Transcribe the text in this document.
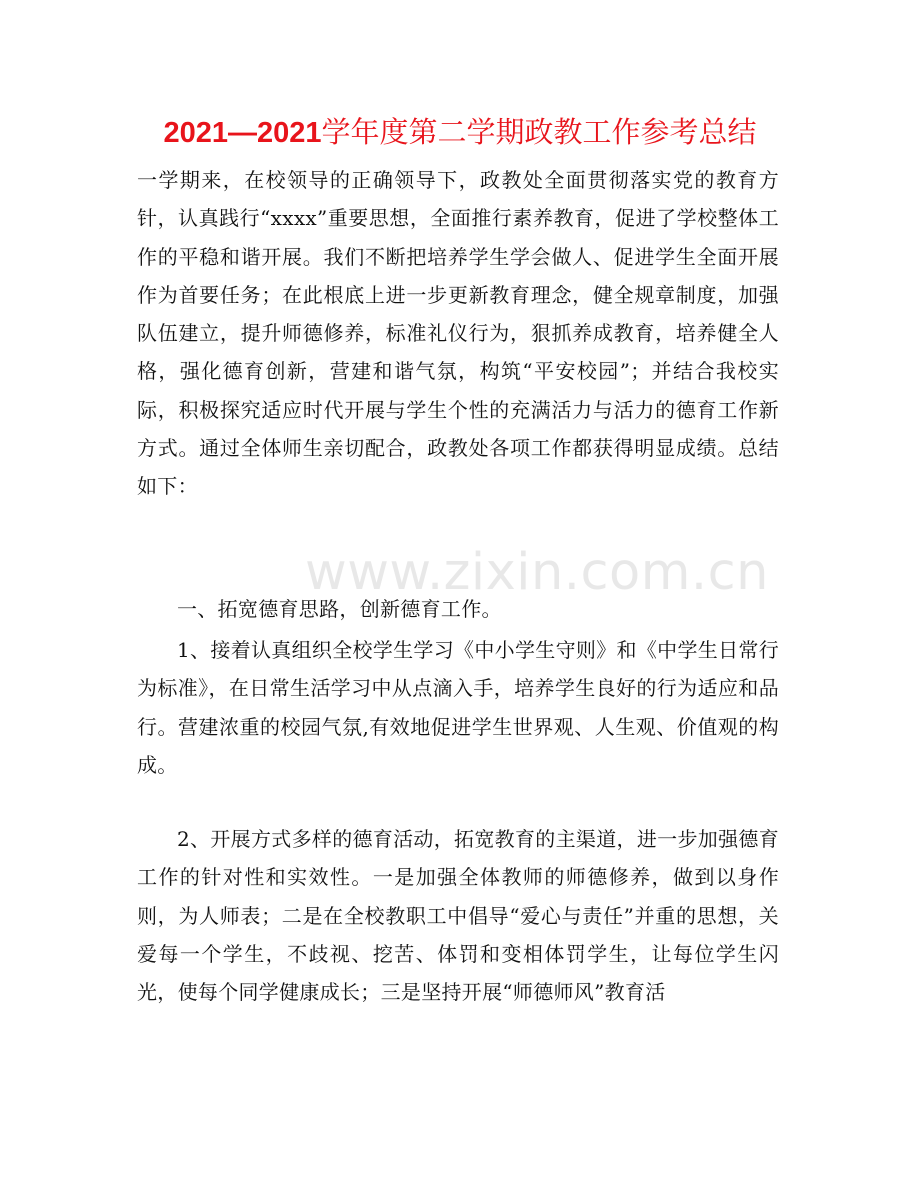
2021—2021学年度第二学期政教工作参考总结
www.zixin.com.cn
一学期来，在校领导的正确领导下，政教处全面贯彻落实党的教育方针，认真践行“xxxx”重要思想，全面推行素养教育，促进了学校整体工作的平稳和谐开展。我们不断把培养学生学会做人、促进学生全面开展作为首要任务；在此根底上进一步更新教育理念，健全规章制度，加强队伍建立，提升师德修养，标准礼仪行为，狠抓养成教育，培养健全人格，强化德育创新，营建和谐气氛，构筑“平安校园”；并结合我校实际，积极探究适应时代开展与学生个性的充满活力与活力的德育工作新方式。通过全体师生亲切配合，政教处各项工作都获得明显成绩。总结如下：
一、拓宽德育思路，创新德育工作。
1、接着认真组织全校学生学习《中小学生守则》和《中学生日常行为标准》，在日常生活学习中从点滴入手，培养学生良好的行为适应和品行。营建浓重的校园气氛,有效地促进学生世界观、人生观、价值观的构成。
2、开展方式多样的德育活动，拓宽教育的主渠道，进一步加强德育工作的针对性和实效性。一是加强全体教师的师德修养，做到以身作则，为人师表；二是在全校教职工中倡导“爱心与责任”并重的思想，关爱每一个学生，不歧视、挖苦、体罚和变相体罚学生，让每位学生闪光，使每个同学健康成长；三是坚持开展“师德师风”教育活
